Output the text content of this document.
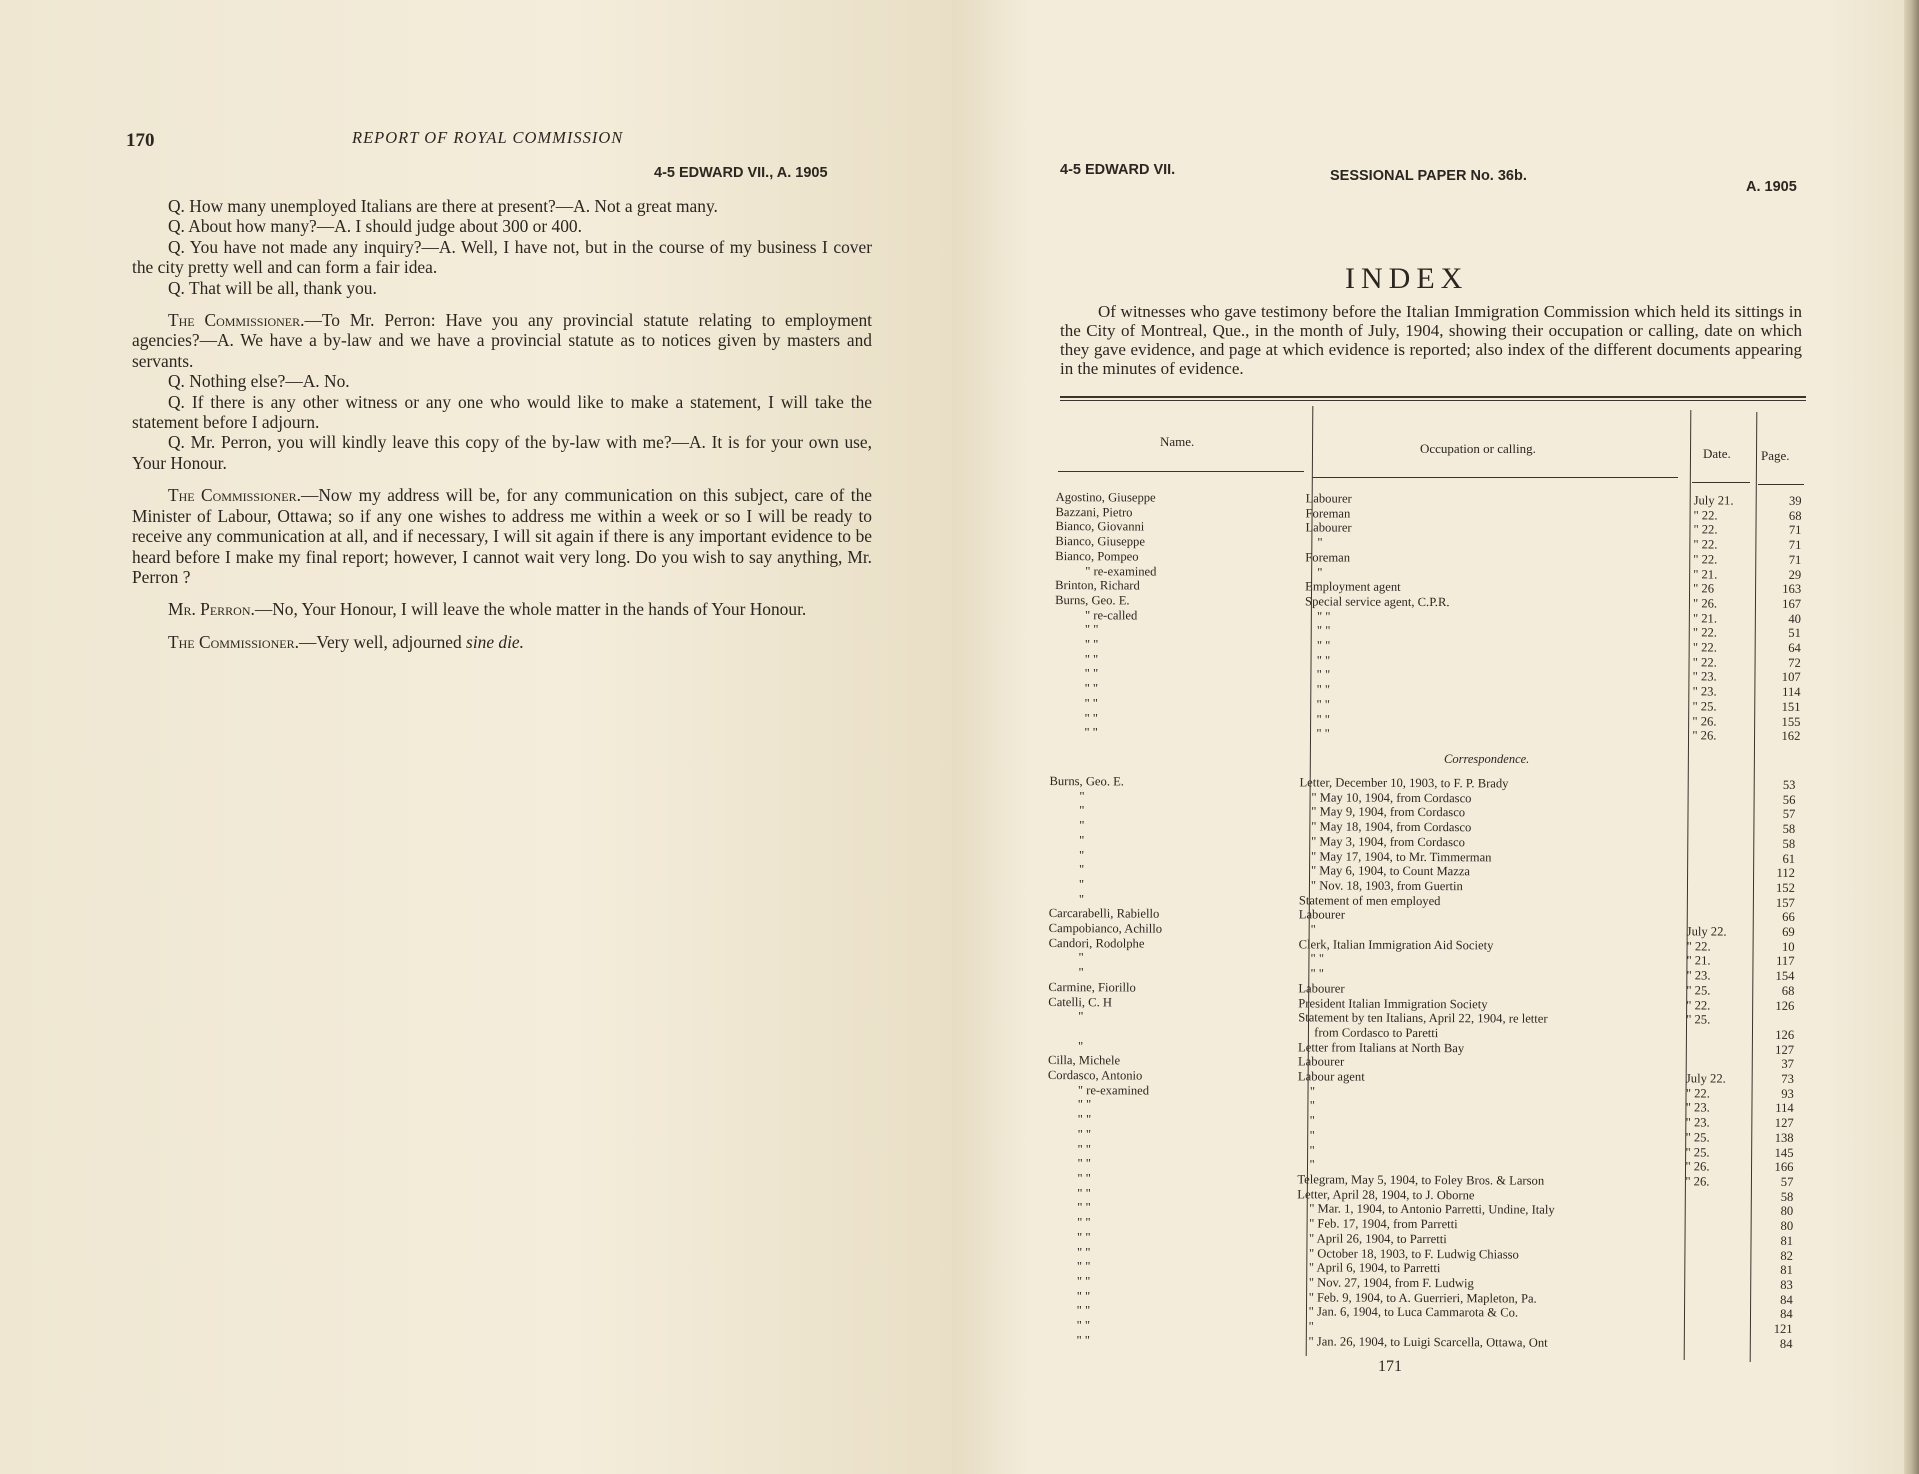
170	REPORT OF ROYAL COMMISSION
4-5 EDWARD VII., A. 1905

Q. How many unemployed Italians are there at present?—A. Not a great many.

Q. About how many?—A. I should judge about 300 or 400.

Q. You have not made any inquiry?—A. Well, I have not, but in the course of my business I cover the city pretty well and can form a fair idea.

Q. That will be all, thank you.

The Commissioner.—To Mr. Perron: Have you any provincial statute relating to employment agencies?—A. We have a by-law and we have a provincial statute as to notices given by masters and servants.

Q. Nothing else?—A. No.

Q. If there is any other witness or any one who would like to make a statement, I will take the statement before I adjourn.

Q. Mr. Perron, you will kindly leave this copy of the by-law with me?—A. It is for your own use, Your Honour.

The Commissioner.—Now my address will be, for any communication on this subject, care of the Minister of Labour, Ottawa; so if any one wishes to address me within a week or so I will be ready to receive any communication at all, and if necessary, I will sit again if there is any important evidence to be heard before I make my final report; however, I cannot wait very long. Do you wish to say anything, Mr. Perron ?

Mr. Perron.—No, Your Honour, I will leave the whole matter in the hands of Your Honour.

The Commissioner.—Very well, adjourned sine die.

4-5 EDWARD VII.	SESSIONAL PAPER No. 36b.
A. 1905
INDEX
Of witnesses who gave testimony before the Italian Immigration Commission which held its sittings in the City of Montreal, Que., in the month of July, 1904, showing their occupation or calling, date on which they gave evidence, and page at which evidence is reported; also index of the different documents appearing in the minutes of evidence.
Name.	Occupation or calling.	Date. Page.
Agostino, Giuseppe	Labourer	July 21.	39
Bazzani, Pietro	Foreman	" 22.	68
Bianco, Giovanni	Labourer	" 22.	71
Bianco, Giuseppe	"	" 22.	71
Bianco, Pompeo	Foreman	" 22.	71
" re-examined	"	" 21.	29
Brinton, Richard	Employment agent	" 26	163
Burns, Geo. E.	Special service agent, C.P.R.	" 26.	167
" re-called	" "	" 21.	40
" "	" "	" 22.	51
" "	" "	" 22.	64
" "	" "	" 22.	72
" "	" "	" 23.	107
" "	" "	" 23.	114
" "	" "	" 25.	151
" "	" "	" 26.	155
" "	" "	" 26.	162
Correspondence.
Burns, Geo. E.	Letter, December 10, 1903, to F. P. Brady		53
"	" May 10, 1904, from Cordasco		56
"	" May 9, 1904, from Cordasco		57
"	" May 18, 1904, from Cordasco		58
"	" May 3, 1904, from Cordasco		58
"	" May 17, 1904, to Mr. Timmerman		61
"	" May 6, 1904, to Count Mazza		112
"	" Nov. 18, 1903, from Guertin		152
"	Statement of men employed		157
Carcarabelli, Rabiello	Labourer		66
Campobianco, Achillo	"	July 22.	69
Candori, Rodolphe	Clerk, Italian Immigration Aid Society	" 22.	10
"	" "	" 21.	117
"	" "	" 23.	154
Carmine, Fiorillo	Labourer	" 25.	68
Catelli, C. H	President Italian Immigration Society	" 22.	126
"	Statement by ten Italians, April 22, 1904, re letter	" 25.	
	from Cordasco to Paretti		126
"	Letter from Italians at North Bay		127
Cilla, Michele	Labourer		37
Cordasco, Antonio	Labour agent	July 22.	73
" re-examined	"	" 22.	93
" "	"	" 23.	114
" "	"	" 23.	127
" "	"	" 25.	138
" "	"	" 25.	145
" "	"	" 26.	166
" "	Telegram, May 5, 1904, to Foley Bros. & Larson	" 26.	57
" "	Letter, April 28, 1904, to J. Oborne		58
" "	" Mar. 1, 1904, to Antonio Parretti, Undine, Italy		80
" "	" Feb. 17, 1904, from Parretti		80
" "	" April 26, 1904, to Parretti		81
" "	" October 18, 1903, to F. Ludwig Chiasso		82
" "	" April 6, 1904, to Parretti		81
" "	" Nov. 27, 1904, from F. Ludwig		83
" "	" Feb. 9, 1904, to A. Guerrieri, Mapleton, Pa.		84
" "	" Jan. 6, 1904, to Luca Cammarota & Co.		84
" "	"		121
" "	" Jan. 26, 1904, to Luigi Scarcella, Ottawa, Ont		84
171
